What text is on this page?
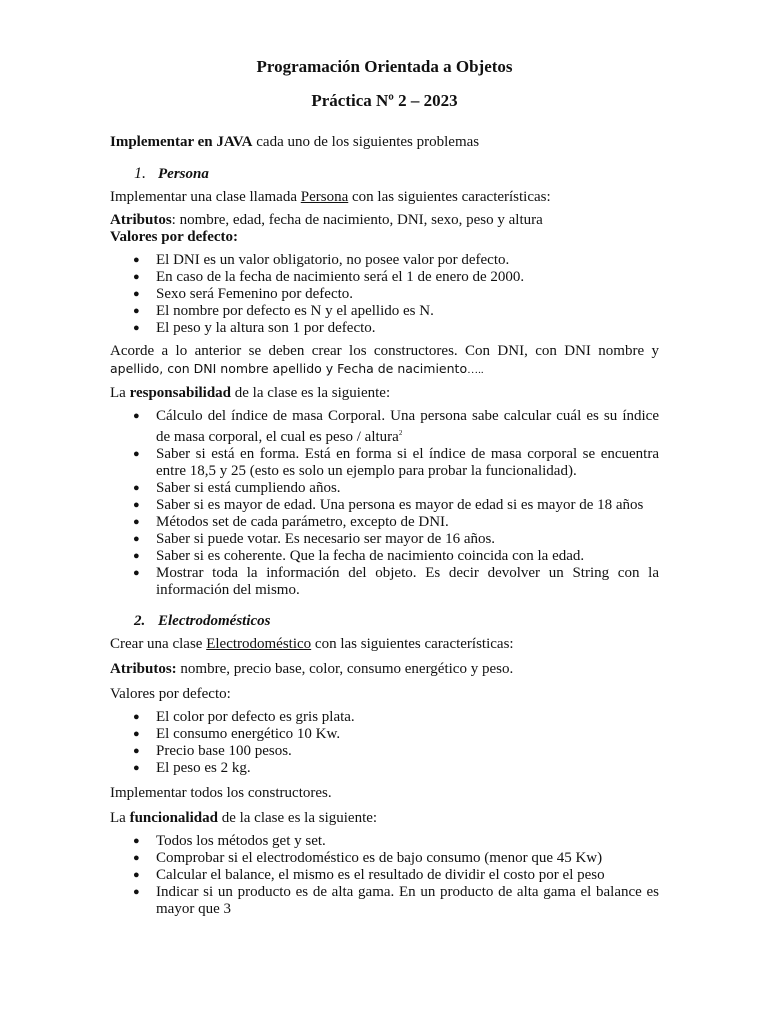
Programación Orientada a Objetos
Práctica Nº 2 – 2023

Implementar en JAVA cada uno de los siguientes problemas

1. Persona

Implementar una clase llamada Persona con las siguientes características:

Atributos: nombre, edad, fecha de nacimiento, DNI, sexo, peso y altura

Valores por defecto:

● El DNI es un valor obligatorio, no posee valor por defecto.
● En caso de la fecha de nacimiento será el 1 de enero de 2000.
● Sexo será Femenino por defecto.
● El nombre por defecto es N y el apellido es N.
● El peso y la altura son 1 por defecto.

Acorde a lo anterior se deben crear los constructores. Con DNI, con DNI nombre y apellido, con DNI nombre apellido y Fecha de nacimiento…..

La responsabilidad de la clase es la siguiente:

● Cálculo del índice de masa Corporal. Una persona sabe calcular cuál es su índice de masa corporal, el cual es peso / altura$^2$
● Saber si está en forma. Está en forma si el índice de masa corporal se encuentra entre 18,5 y 25 (esto es solo un ejemplo para probar la funcionalidad).
● Saber si está cumpliendo años.
● Saber si es mayor de edad. Una persona es mayor de edad si es mayor de 18 años
● Métodos set de cada parámetro, excepto de DNI.
● Saber si puede votar. Es necesario ser mayor de 16 años.
● Saber si es coherente. Que la fecha de nacimiento coincida con la edad.
● Mostrar toda la información del objeto. Es decir devolver un String con la información del mismo.
2. Electrodomésticos

Crear una clase Electrodoméstico con las siguientes características:

Atributos: nombre, precio base, color, consumo energético y peso.

Valores por defecto:

● El color por defecto es gris plata.
● El consumo energético 10 Kw.
● Precio base 100 pesos.
● El peso es 2 kg.

Implementar todos los constructores.

La funcionalidad de la clase es la siguiente:

● Todos los métodos get y set.
● Comprobar si el electrodoméstico es de bajo consumo (menor que 45 Kw)
● Calcular el balance, el mismo es el resultado de dividir el costo por el peso
● Indicar si un producto es de alta gama. En un producto de alta gama el balance es mayor que 3
